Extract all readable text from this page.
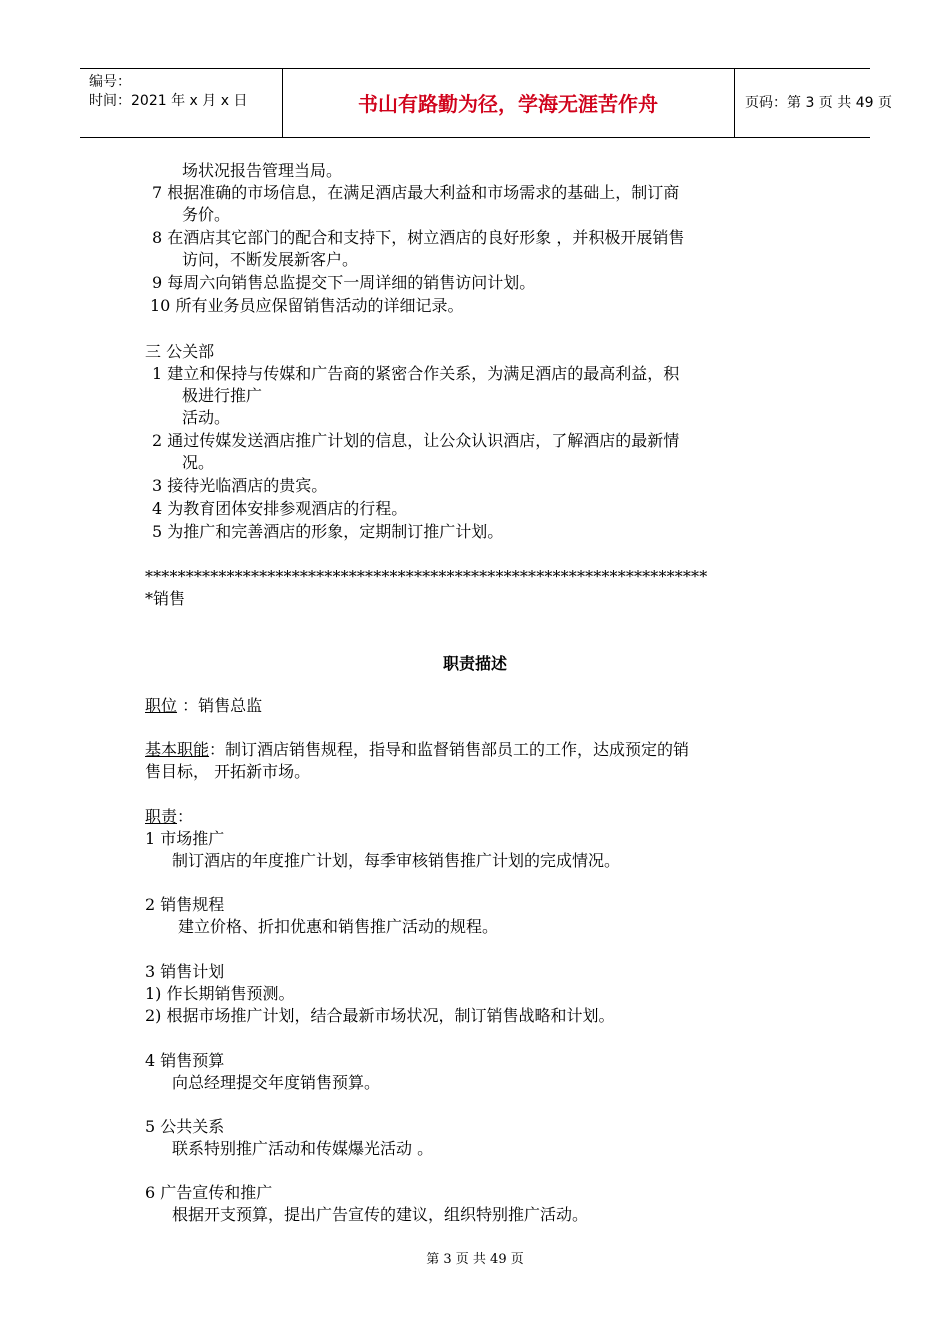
编号：
时间：2021 年 x 月 x 日	书山有路勤为径，学海无涯苦作舟	页码：第 3 页 共 49 页
场状况报告管理当局。
7 根据准确的市场信息，在满足酒店最大利益和市场需求的基础上，制订商
务价。
8 在酒店其它部门的配合和支持下，树立酒店的良好形象 ，并积极开展销售
访问，不断发展新客户。
9 每周六向销售总监提交下一周详细的销售访问计划。
10 所有业务员应保留销售活动的详细记录。
三 公关部
1 建立和保持与传媒和广告商的紧密合作关系，为满足酒店的最高利益，积
极进行推广
活动。
2 通过传媒发送酒店推广计划的信息，让公众认识酒店，了解酒店的最新情
况。
3 接待光临酒店的贵宾。
4 为教育团体安排参观酒店的行程。
5 为推广和完善酒店的形象，定期制订推广计划。
*********************************************************************
*销售
职责描述
职位 ：销售总监
基本职能：制订酒店销售规程，指导和监督销售部员工的工作，达成预定的销
售目标， 开拓新市场。
职责：
1 市场推广
制订酒店的年度推广计划，每季审核销售推广计划的完成情况。
2 销售规程
建立价格、折扣优惠和销售推广活动的规程。
3 销售计划
1) 作长期销售预测。
2) 根据市场推广计划，结合最新市场状况，制订销售战略和计划。
4 销售预算
向总经理提交年度销售预算。
5 公共关系
联系特别推广活动和传媒爆光活动 。
6 广告宣传和推广
根据开支预算，提出广告宣传的建议，组织特别推广活动。
第 3 页 共 49 页
